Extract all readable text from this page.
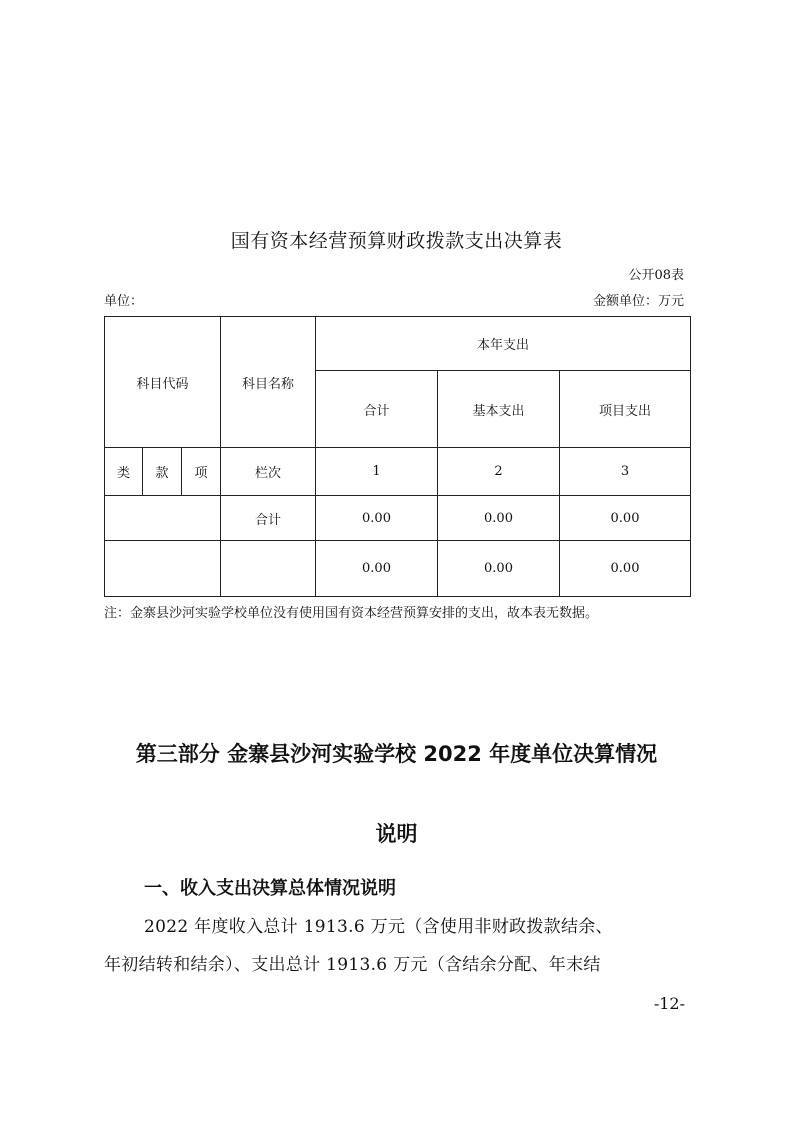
国有资本经营预算财政拨款支出决算表
公开08表
单位：	金额单位：万元
科目代码			科目名称	本年支出		
				合计	基本支出	项目支出
类	款	项	栏次	1	2	3
			合计	0.00	0.00	0.00
				0.00	0.00	0.00
注：金寨县沙河实验学校单位没有使用国有资本经营预算安排的支出，故本表无数据。
第三部分 金寨县沙河实验学校 2022 年度单位决算情况
说明
一、收入支出决算总体情况说明
2022 年度收入总计 1913.6 万元（含使用非财政拨款结余、
年初结转和结余）、支出总计 1913.6 万元（含结余分配、年末结
-12-
